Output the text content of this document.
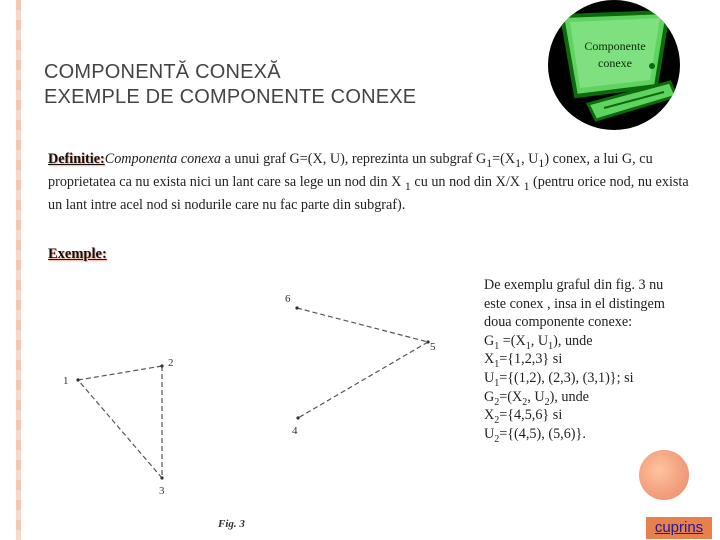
COMPONENTĂ CONEXĂ
EXEMPLE DE COMPONENTE CONEXE
Componente
conexe
Definitie:Componenta conexa a unui graf G=(X, U), reprezinta un subgraf $G_1=(X_1$, $U_1$) conex, a lui G, cu proprietatea ca nu exista nici un lant care sa lege un nod din X $_1$ cu un nod din X/X $_1$ (pentru orice nod, nu exista un lant intre acel nod si nodurile care nu fac parte din subgraf).
Exemple:
1
2
3
4
5
6
Fig. 3
De exemplu graful din fig. 3 nu
este conex , insa in el distingem
doua componente conexe:
$G_1 =(X_1$, $U_1$), unde
$X_1=\{1,2,3\}$ si
$U_1=\{(1,2)$, (2,3), (3,1)}; si
$G_2=(X_2$, $U_2$), unde
$X_2=\{4,5,6\}$ si
$U_2=\{(4,5)$, (5,6)}.
cuprins
